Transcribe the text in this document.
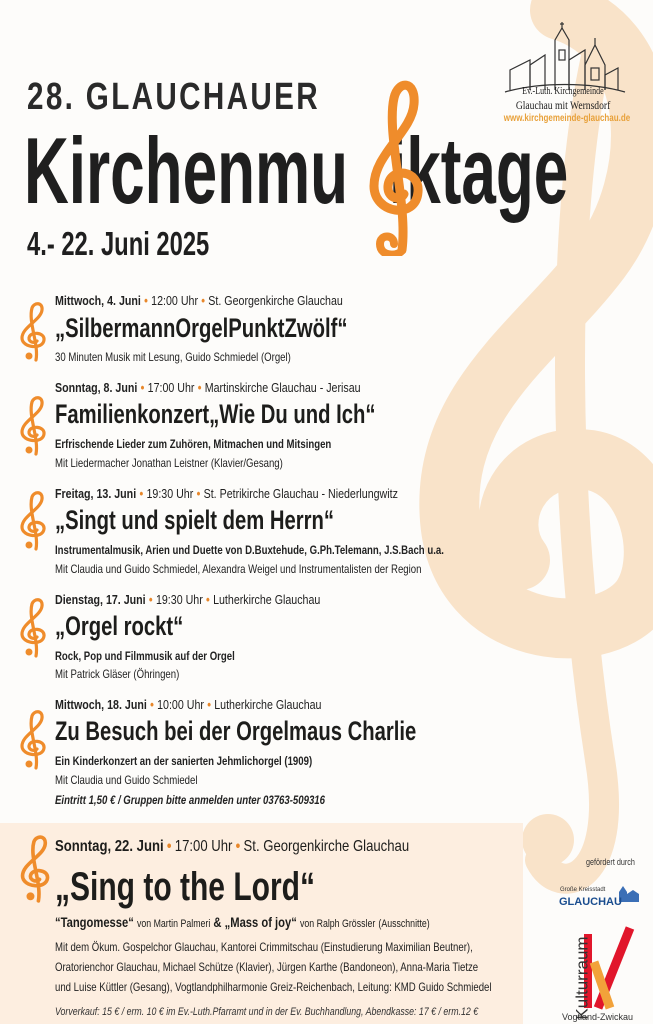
Ev.-Luth. Kirchgemeinde
Glauchau mit Wernsdorf
www.kirchgemeinde-glauchau.de
28. GLAUCHAUER
Kirchenmu iktage
4.- 22. Juni 2025
Mittwoch, 4. Juni • 12:00 Uhr • St. Georgenkirche Glauchau
„SilbermannOrgelPunktZwölf“
30 Minuten Musik mit Lesung, Guido Schmiedel (Orgel)
Sonntag, 8. Juni • 17:00 Uhr • Martinskirche Glauchau - Jerisau
Familienkonzert„Wie Du und Ich“
Erfrischende Lieder zum Zuhören, Mitmachen und Mitsingen
Mit Liedermacher Jonathan Leistner (Klavier/Gesang)
Freitag, 13. Juni • 19:30 Uhr • St. Petrikirche Glauchau - Niederlungwitz
„Singt und spielt dem Herrn“
Instrumentalmusik, Arien und Duette von D.Buxtehude, G.Ph.Telemann, J.S.Bach u.a.
Mit Claudia und Guido Schmiedel, Alexandra Weigel und Instrumentalisten der Region
Dienstag, 17. Juni • 19:30 Uhr • Lutherkirche Glauchau
„Orgel rockt“
Rock, Pop und Filmmusik auf der Orgel
Mit Patrick Gläser (Öhringen)
Mittwoch, 18. Juni • 10:00 Uhr • Lutherkirche Glauchau
Zu Besuch bei der Orgelmaus Charlie
Ein Kinderkonzert an der sanierten Jehmlichorgel (1909)
Mit Claudia und Guido Schmiedel
Eintritt 1,50 € / Gruppen bitte anmelden unter 03763-509316
Sonntag, 22. Juni • 17:00 Uhr • St. Georgenkirche Glauchau
„Sing to the Lord“
“Tangomesse“ von Martin Palmeri & „Mass of joy“ von Ralph Grössler (Ausschnitte)
Mit dem Ökum. Gospelchor Glauchau, Kantorei Crimmitschau (Einstudierung Maximilian Beutner),
Oratorienchor Glauchau, Michael Schütze (Klavier), Jürgen Karthe (Bandoneon), Anna-Maria Tietze
und Luise Küttler (Gesang), Vogtlandphilharmonie Greiz-Reichenbach, Leitung: KMD Guido Schmiedel
Vorverkauf: 15 € / erm. 10 € im Ev.-Luth.Pfarramt und in der Ev. Buchhandlung, Abendkasse: 17 € / erm.12 €
gefördert durch
Große Kreisstadt
GLAUCHAU
Kulturraum
Vogtland-Zwickau
